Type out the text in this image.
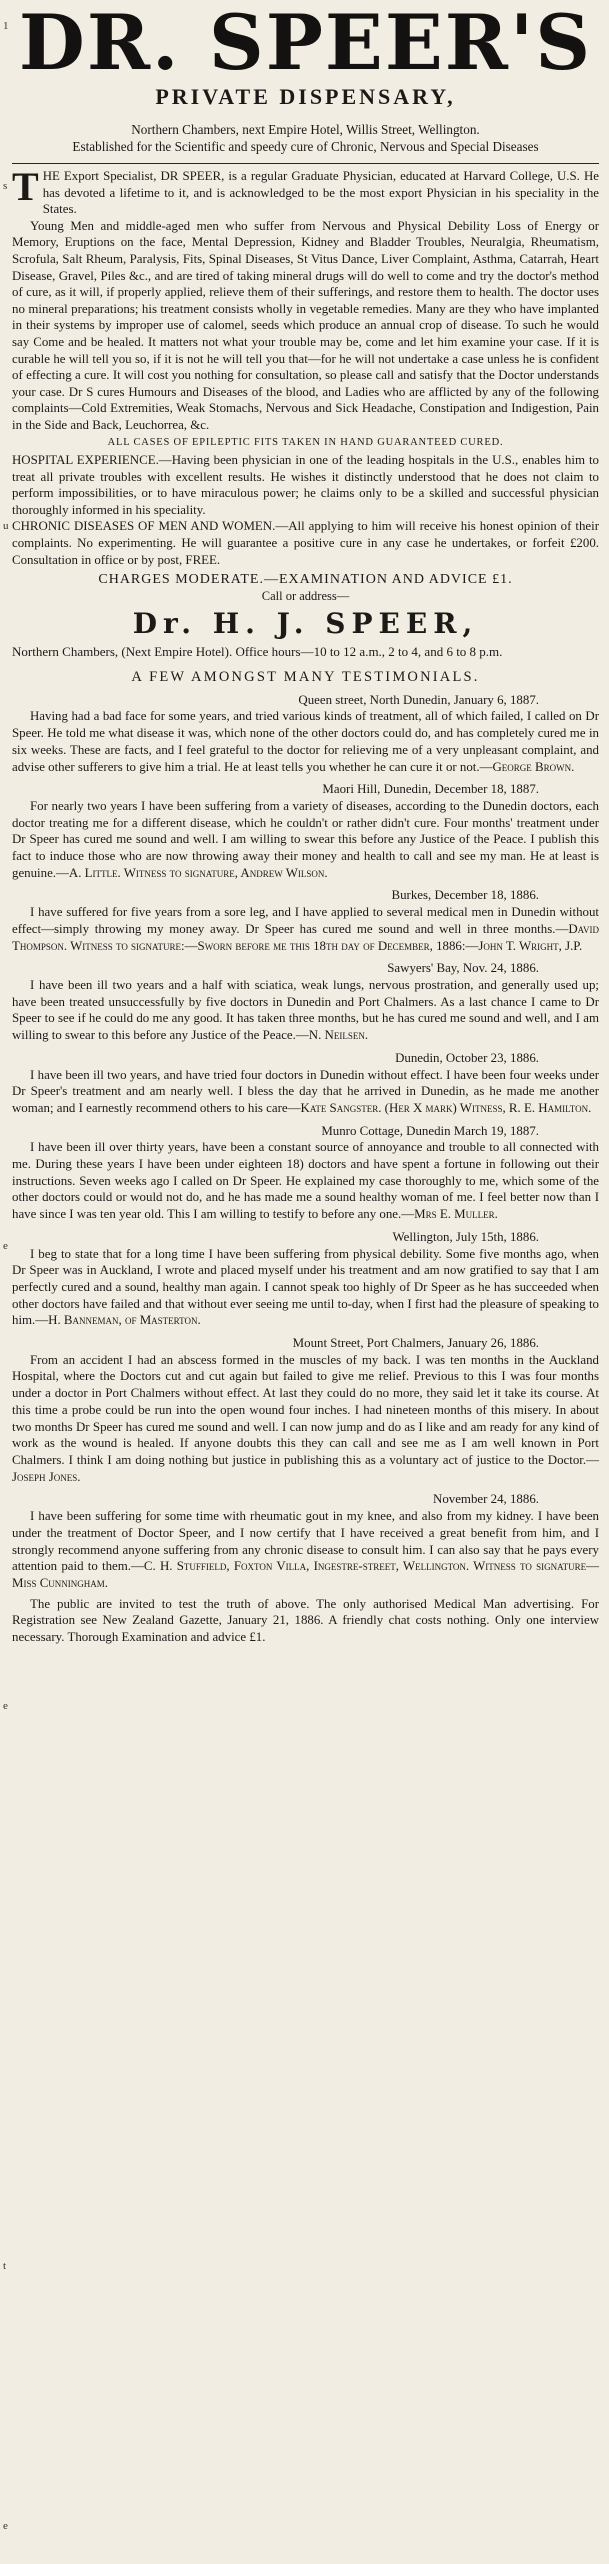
1
s
u
e
e
t
e
DR. SPEER'S
PRIVATE DISPENSARY,
Northern Chambers, next Empire Hotel, Willis Street, Wellington.
Established for the Scientific and speedy cure of Chronic, Nervous and Special Diseases

T HE Export Specialist, DR SPEER, is a regular Graduate Physician, educated at Harvard College, U.S. He has devoted a lifetime to it, and is acknowledged to be the most export Physician in his speciality in the States.

Young Men and middle-aged men who suffer from Nervous and Physical Debility Loss of Energy or Memory, Eruptions on the face, Mental Depression, Kidney and Bladder Troubles, Neuralgia, Rheumatism, Scrofula, Salt Rheum, Paralysis, Fits, Spinal Diseases, St Vitus Dance, Liver Complaint, Asthma, Catarrah, Heart Disease, Gravel, Piles &c., and are tired of taking mineral drugs will do well to come and try the doctor's method of cure, as it will, if properly applied, relieve them of their sufferings, and restore them to health. The doctor uses no mineral preparations; his treatment consists wholly in vegetable remedies. Many are they who have implanted in their systems by improper use of calomel, seeds which produce an annual crop of disease. To such he would say Come and be healed. It matters not what your trouble may be, come and let him examine your case. If it is curable he will tell you so, if it is not he will tell you that—for he will not undertake a case unless he is confident of effecting a cure. It will cost you nothing for consultation, so please call and satisfy that the Doctor understands your case. Dr S cures Humours and Diseases of the blood, and Ladies who are afflicted by any of the following complaints—Cold Extremities, Weak Stomachs, Nervous and Sick Headache, Constipation and Indigestion, Pain in the Side and Back, Leuchorrea, &c.

ALL CASES OF EPILEPTIC FITS TAKEN IN HAND GUARANTEED CURED.

HOSPITAL EXPERIENCE.—Having been physician in one of the leading hospitals in the U.S., enables him to treat all private troubles with excellent results. He wishes it distinctly understood that he does not claim to perform impossibilities, or to have miraculous power; he claims only to be a skilled and successful physician thoroughly informed in his speciality.

CHRONIC DISEASES OF MEN AND WOMEN.—All applying to him will receive his honest opinion of their complaints. No experimenting. He will guarantee a positive cure in any case he undertakes, or forfeit £200. Consultation in office or by post, FREE.

CHARGES MODERATE.—EXAMINATION AND ADVICE £1.
Call or address—
Dr. H. J. SPEER,
Northern Chambers, (Next Empire Hotel). Office hours—10 to 12 a.m., 2 to 4, and 6 to 8 p.m.
A FEW AMONGST MANY TESTIMONIALS.
Queen street, North Dunedin, January 6, 1887.

Having had a bad face for some years, and tried various kinds of treatment, all of which failed, I called on Dr Speer. He told me what disease it was, which none of the other doctors could do, and has completely cured me in six weeks. These are facts, and I feel grateful to the doctor for relieving me of a very unpleasant complaint, and advise other sufferers to give him a trial. He at least tells you whether he can cure it or not.—George Brown.

Maori Hill, Dunedin, December 18, 1887.

For nearly two years I have been suffering from a variety of diseases, according to the Dunedin doctors, each doctor treating me for a different disease, which he couldn't or rather didn't cure. Four months' treatment under Dr Speer has cured me sound and well. I am willing to swear this before any Justice of the Peace. I publish this fact to induce those who are now throwing away their money and health to call and see my man. He at least is genuine.—A. Little. Witness to signature, Andrew Wilson.

Burkes, December 18, 1886.

I have suffered for five years from a sore leg, and I have applied to several medical men in Dunedin without effect—simply throwing my money away. Dr Speer has cured me sound and well in three months.—David Thompson. Witness to signature:—Sworn before me this 18th day of December, 1886:—John T. Wright, J.P.

Sawyers' Bay, Nov. 24, 1886.

I have been ill two years and a half with sciatica, weak lungs, nervous prostration, and generally used up; have been treated unsuccessfully by five doctors in Dunedin and Port Chalmers. As a last chance I came to Dr Speer to see if he could do me any good. It has taken three months, but he has cured me sound and well, and I am willing to swear to this before any Justice of the Peace.—N. Neilsen.

Dunedin, October 23, 1886.

I have been ill two years, and have tried four doctors in Dunedin without effect. I have been four weeks under Dr Speer's treatment and am nearly well. I bless the day that he arrived in Dunedin, as he made me another woman; and I earnestly recommend others to his care—Kate Sangster. (Her X mark) Witness, R. E. Hamilton.

Munro Cottage, Dunedin March 19, 1887.

I have been ill over thirty years, have been a constant source of annoyance and trouble to all connected with me. During these years I have been under eighteen 18) doctors and have spent a fortune in following out their instructions. Seven weeks ago I called on Dr Speer. He explained my case thoroughly to me, which some of the other doctors could or would not do, and he has made me a sound healthy woman of me. I feel better now than I have since I was ten year old. This I am willing to testify to before any one.—Mrs E. Muller.

Wellington, July 15th, 1886.

I beg to state that for a long time I have been suffering from physical debility. Some five months ago, when Dr Speer was in Auckland, I wrote and placed myself under his treatment and am now gratified to say that I am perfectly cured and a sound, healthy man again. I cannot speak too highly of Dr Speer as he has succeeded when other doctors have failed and that without ever seeing me until to-day, when I first had the pleasure of speaking to him.—H. Banneman, of Masterton.

Mount Street, Port Chalmers, January 26, 1886.

From an accident I had an abscess formed in the muscles of my back. I was ten months in the Auckland Hospital, where the Doctors cut and cut again but failed to give me relief. Previous to this I was four months under a doctor in Port Chalmers without effect. At last they could do no more, they said let it take its course. At this time a probe could be run into the open wound four inches. I had nineteen months of this misery. In about two months Dr Speer has cured me sound and well. I can now jump and do as I like and am ready for any kind of work as the wound is healed. If anyone doubts this they can call and see me as I am well known in Port Chalmers. I think I am doing nothing but justice in publishing this as a voluntary act of justice to the Doctor.—Joseph Jones.

November 24, 1886.

I have been suffering for some time with rheumatic gout in my knee, and also from my kidney. I have been under the treatment of Doctor Speer, and I now certify that I have received a great benefit from him, and I strongly recommend anyone suffering from any chronic disease to consult him. I can also say that he pays every attention paid to them.—C. H. Stuffield, Foxton Villa, Ingestre-street, Wellington. Witness to signature—Miss Cunningham.

The public are invited to test the truth of above. The only authorised Medical Man advertising. For Registration see New Zealand Gazette, January 21, 1886. A friendly chat costs nothing. Only one interview necessary. Thorough Examination and advice £1.
